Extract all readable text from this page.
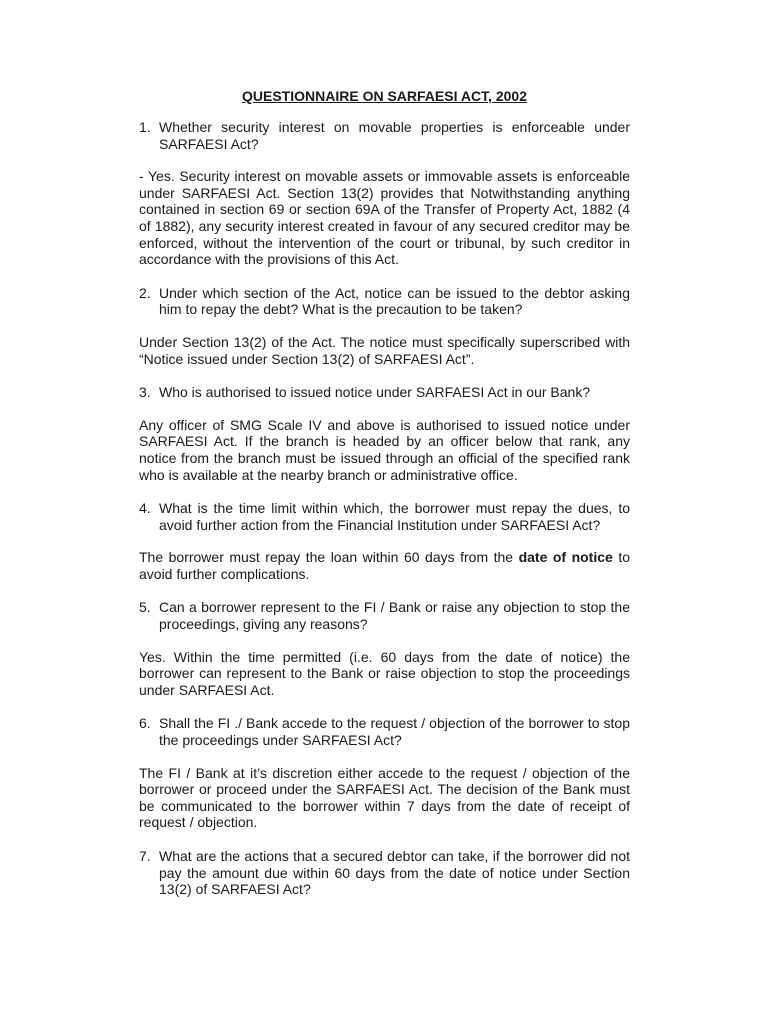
QUESTIONNAIRE ON SARFAESI ACT, 2002
1. Whether security interest on movable properties is enforceable under SARFAESI Act?

- Yes. Security interest on movable assets or immovable assets is enforceable under SARFAESI Act. Section 13(2) provides that Notwithstanding anything contained in section 69 or section 69A of the Transfer of Property Act, 1882 (4 of 1882), any security interest created in favour of any secured creditor may be enforced, without the intervention of the court or tribunal, by such creditor in accordance with the provisions of this Act.

2. Under which section of the Act, notice can be issued to the debtor asking him to repay the debt? What is the precaution to be taken?

Under Section 13(2) of the Act. The notice must specifically superscribed with “Notice issued under Section 13(2) of SARFAESI Act”.

3. Who is authorised to issued notice under SARFAESI Act in our Bank?

Any officer of SMG Scale IV and above is authorised to issued notice under SARFAESI Act. If the branch is headed by an officer below that rank, any notice from the branch must be issued through an official of the specified rank who is available at the nearby branch or administrative office.

4. What is the time limit within which, the borrower must repay the dues, to avoid further action from the Financial Institution under SARFAESI Act?

The borrower must repay the loan within 60 days from the date of notice to avoid further complications.

5. Can a borrower represent to the FI / Bank or raise any objection to stop the proceedings, giving any reasons?

Yes. Within the time permitted (i.e. 60 days from the date of notice) the borrower can represent to the Bank or raise objection to stop the proceedings under SARFAESI Act.

6. Shall the FI ./ Bank accede to the request / objection of the borrower to stop the proceedings under SARFAESI Act?

The FI / Bank at it’s discretion either accede to the request / objection of the borrower or proceed under the SARFAESI Act. The decision of the Bank must be communicated to the borrower within 7 days from the date of receipt of request / objection.

7. What are the actions that a secured debtor can take, if the borrower did not pay the amount due within 60 days from the date of notice under Section 13(2) of SARFAESI Act?
